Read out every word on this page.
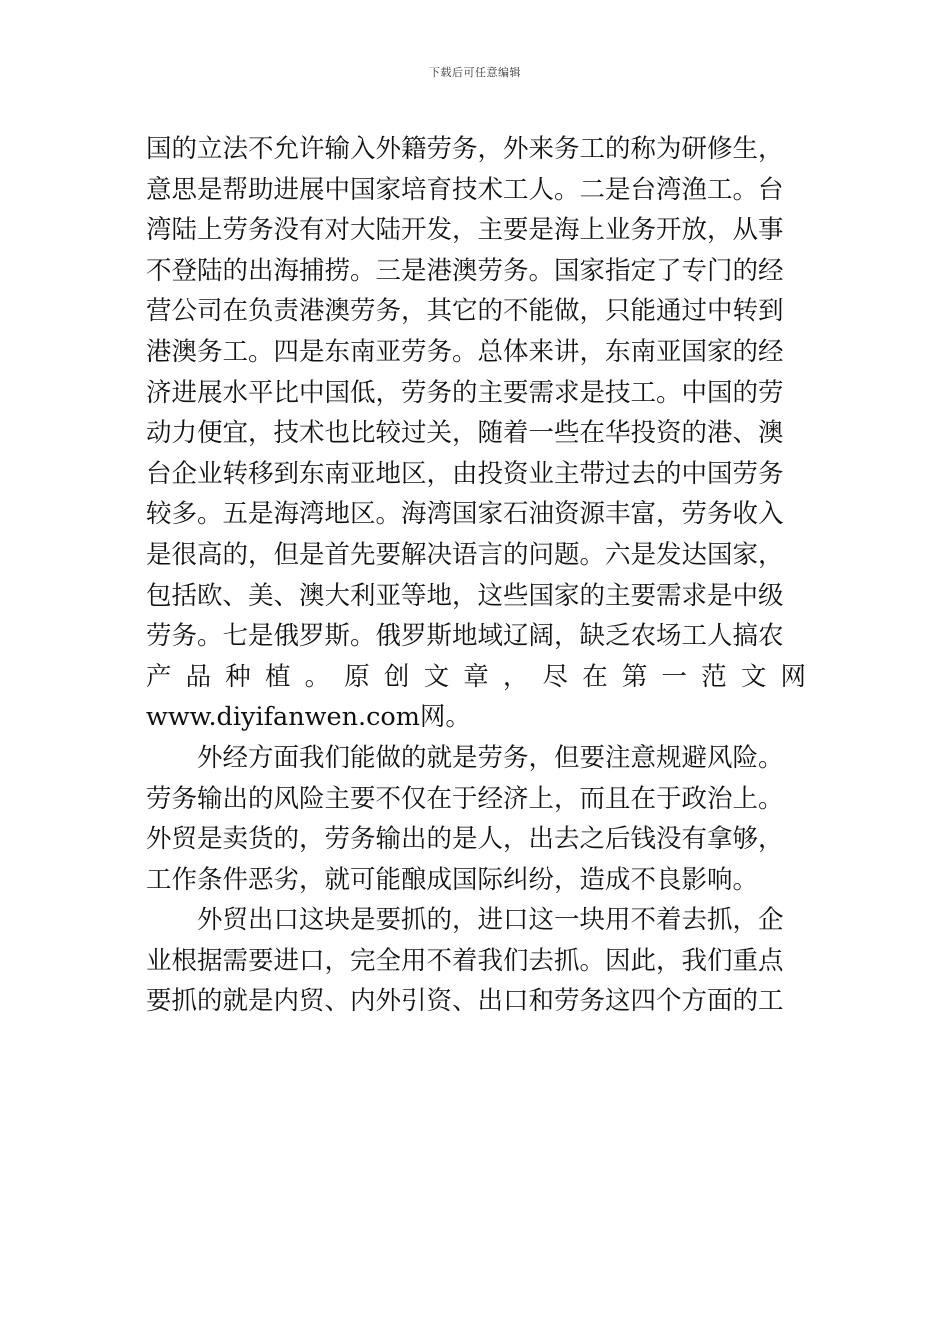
下载后可任意编辑
国的立法不允许输入外籍劳务，外来务工的称为研修生，
意思是帮助进展中国家培育技术工人。二是台湾渔工。台
湾陆上劳务没有对大陆开发，主要是海上业务开放，从事
不登陆的出海捕捞。三是港澳劳务。国家指定了专门的经
营公司在负责港澳劳务，其它的不能做，只能通过中转到
港澳务工。四是东南亚劳务。总体来讲，东南亚国家的经
济进展水平比中国低，劳务的主要需求是技工。中国的劳
动力便宜，技术也比较过关，随着一些在华投资的港、澳
台企业转移到东南亚地区，由投资业主带过去的中国劳务
较多。五是海湾地区。海湾国家石油资源丰富，劳务收入
是很高的，但是首先要解决语言的问题。六是发达国家，
包括欧、美、澳大利亚等地，这些国家的主要需求是中级
劳务。七是俄罗斯。俄罗斯地域辽阔，缺乏农场工人搞农
产 品 种 植 。 原 创 文 章 ， 尽 在 第 一 范 文 网
www.diyifanwen.com网。
外经方面我们能做的就是劳务，但要注意规避风险。
劳务输出的风险主要不仅在于经济上，而且在于政治上。
外贸是卖货的，劳务输出的是人，出去之后钱没有拿够，
工作条件恶劣，就可能酿成国际纠纷，造成不良影响。
外贸出口这块是要抓的，进口这一块用不着去抓，企
业根据需要进口，完全用不着我们去抓。因此，我们重点
要抓的就是内贸、内外引资、出口和劳务这四个方面的工
